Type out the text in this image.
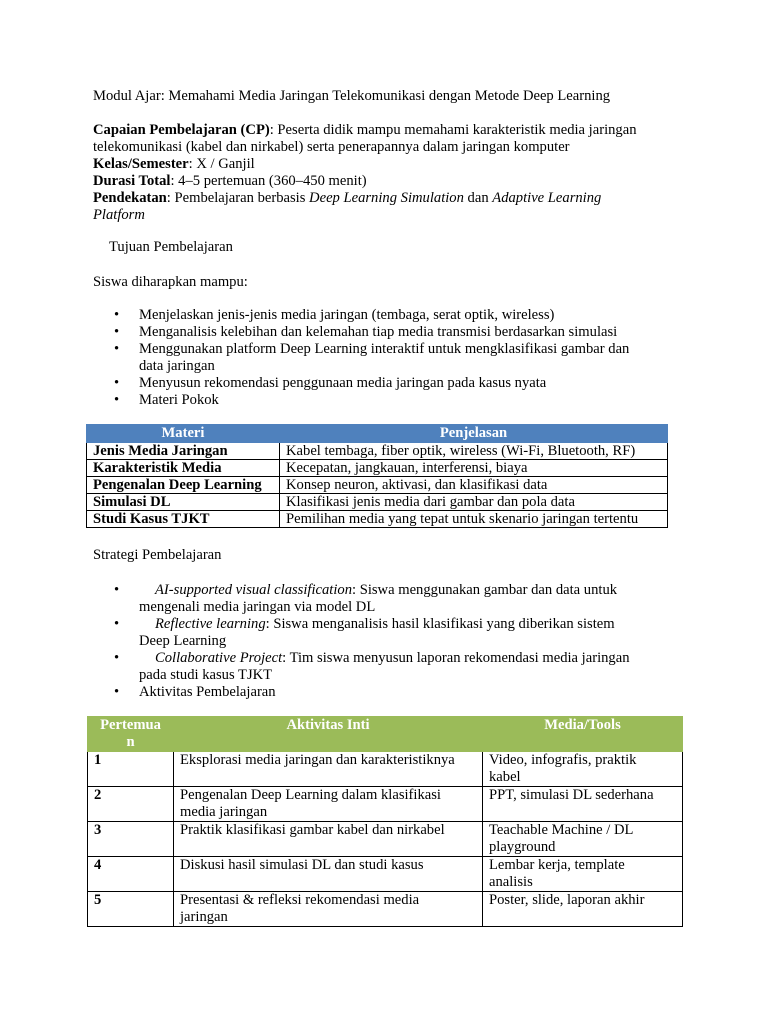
Modul Ajar: Memahami Media Jaringan Telekomunikasi dengan Metode Deep Learning
Capaian Pembelajaran (CP): Peserta didik mampu memahami karakteristik media jaringan
telekomunikasi (kabel dan nirkabel) serta penerapannya dalam jaringan komputer
Kelas/Semester: X / Ganjil
Durasi Total: 4–5 pertemuan (360–450 menit)
Pendekatan: Pembelajaran berbasis Deep Learning Simulation dan Adaptive Learning
Platform
Tujuan Pembelajaran
Siswa diharapkan mampu:
• Menjelaskan jenis-jenis media jaringan (tembaga, serat optik, wireless)
• Menganalisis kelebihan dan kelemahan tiap media transmisi berdasarkan simulasi
• Menggunakan platform Deep Learning interaktif untuk mengklasifikasi gambar dan
data jaringan
• Menyusun rekomendasi penggunaan media jaringan pada kasus nyata
• Materi Pokok
Materi	Penjelasan
Jenis Media Jaringan	Kabel tembaga, fiber optik, wireless (Wi-Fi, Bluetooth, RF)
Karakteristik Media	Kecepatan, jangkauan, interferensi, biaya
Pengenalan Deep Learning	Konsep neuron, aktivasi, dan klasifikasi data
Simulasi DL	Klasifikasi jenis media dari gambar dan pola data
Studi Kasus TJKT	Pemilihan media yang tepat untuk skenario jaringan tertentu
Strategi Pembelajaran
• AI-supported visual classification: Siswa menggunakan gambar dan data untuk
mengenali media jaringan via model DL
• Reflective learning: Siswa menganalisis hasil klasifikasi yang diberikan sistem
Deep Learning
• Collaborative Project: Tim siswa menyusun laporan rekomendasi media jaringan
pada studi kasus TJKT
• Aktivitas Pembelajaran
Pertemua
n	Aktivitas Inti	Media/Tools
1	Eksplorasi media jaringan dan karakteristiknya	Video, infografis, praktik
kabel
2	Pengenalan Deep Learning dalam klasifikasi
media jaringan	PPT, simulasi DL sederhana
3	Praktik klasifikasi gambar kabel dan nirkabel	Teachable Machine / DL
playground
4	Diskusi hasil simulasi DL dan studi kasus	Lembar kerja, template
analisis
5	Presentasi & refleksi rekomendasi media
jaringan	Poster, slide, laporan akhir
